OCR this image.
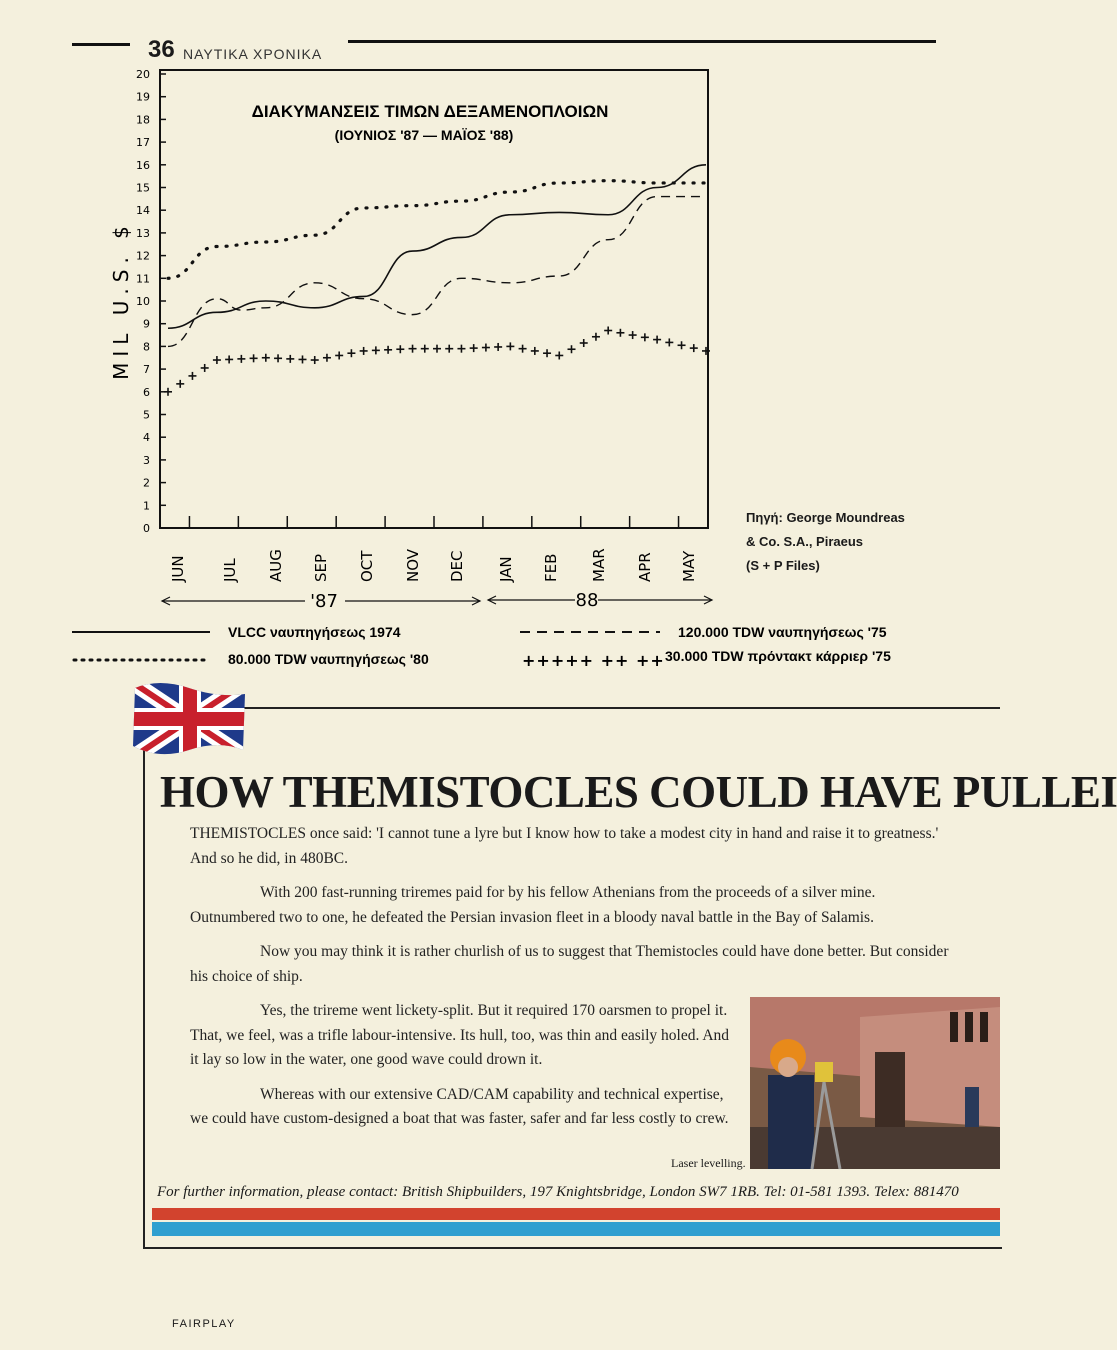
36 ΝΑΥΤΙΚΑ ΧΡΟΝΙΚΑ
ΔΙΑΚΥΜΑΝΣΕΙΣ ΤΙΜΩΝ ΔΕΞΑΜΕΝΟΠΛΟΙΩΝ
(ΙΟΥΝΙΟΣ '87 — ΜΑΪΟΣ '88)
MIL U.S. $
0
1
2
3
4
5
6
7
8
9
10
11
12
13
14
15
16
17
18
19
20
JUN JUL AUG SEP OCT NOV DEC JAN FEB MAR APR MAY
'87	88
VLCC ναυπηγήσεως 1974
80.000 TDW ναυπηγήσεως '80
120.000 TDW ναυπηγήσεως '75
+++++ ++ ++ 30.000 TDW πρόντακτ κάρριερ '75
Πηγή: George Moundreas
& Co. S.A., Piraeus
(S + P Files)
HOW THEMISTOCLES COULD HAVE PULLEI

THEMISTOCLES once said: 'I cannot tune a lyre but I know how to take a modest city in hand and raise it to greatness.' And so he did, in 480BC.

With 200 fast-running triremes paid for by his fellow Athenians from the proceeds of a silver mine. Outnumbered two to one, he defeated the Persian invasion fleet in a bloody naval battle in the Bay of Salamis.

Now you may think it is rather churlish of us to suggest that Themistocles could have done better. But consider his choice of ship.

Yes, the trireme went lickety-split. But it required 170 oarsmen to propel it. That, we feel, was a trifle labour-intensive. Its hull, too, was thin and easily holed. And it lay so low in the water, one good wave could drown it.

Whereas with our extensive CAD/CAM capability and technical expertise, we could have custom-designed a boat that was faster, safer and far less costly to crew.

Laser levelling.
For further information, please contact: British Shipbuilders, 197 Knightsbridge, London SW7 1RB. Tel: 01-581 1393. Telex: 881470
FAIRPLAY
